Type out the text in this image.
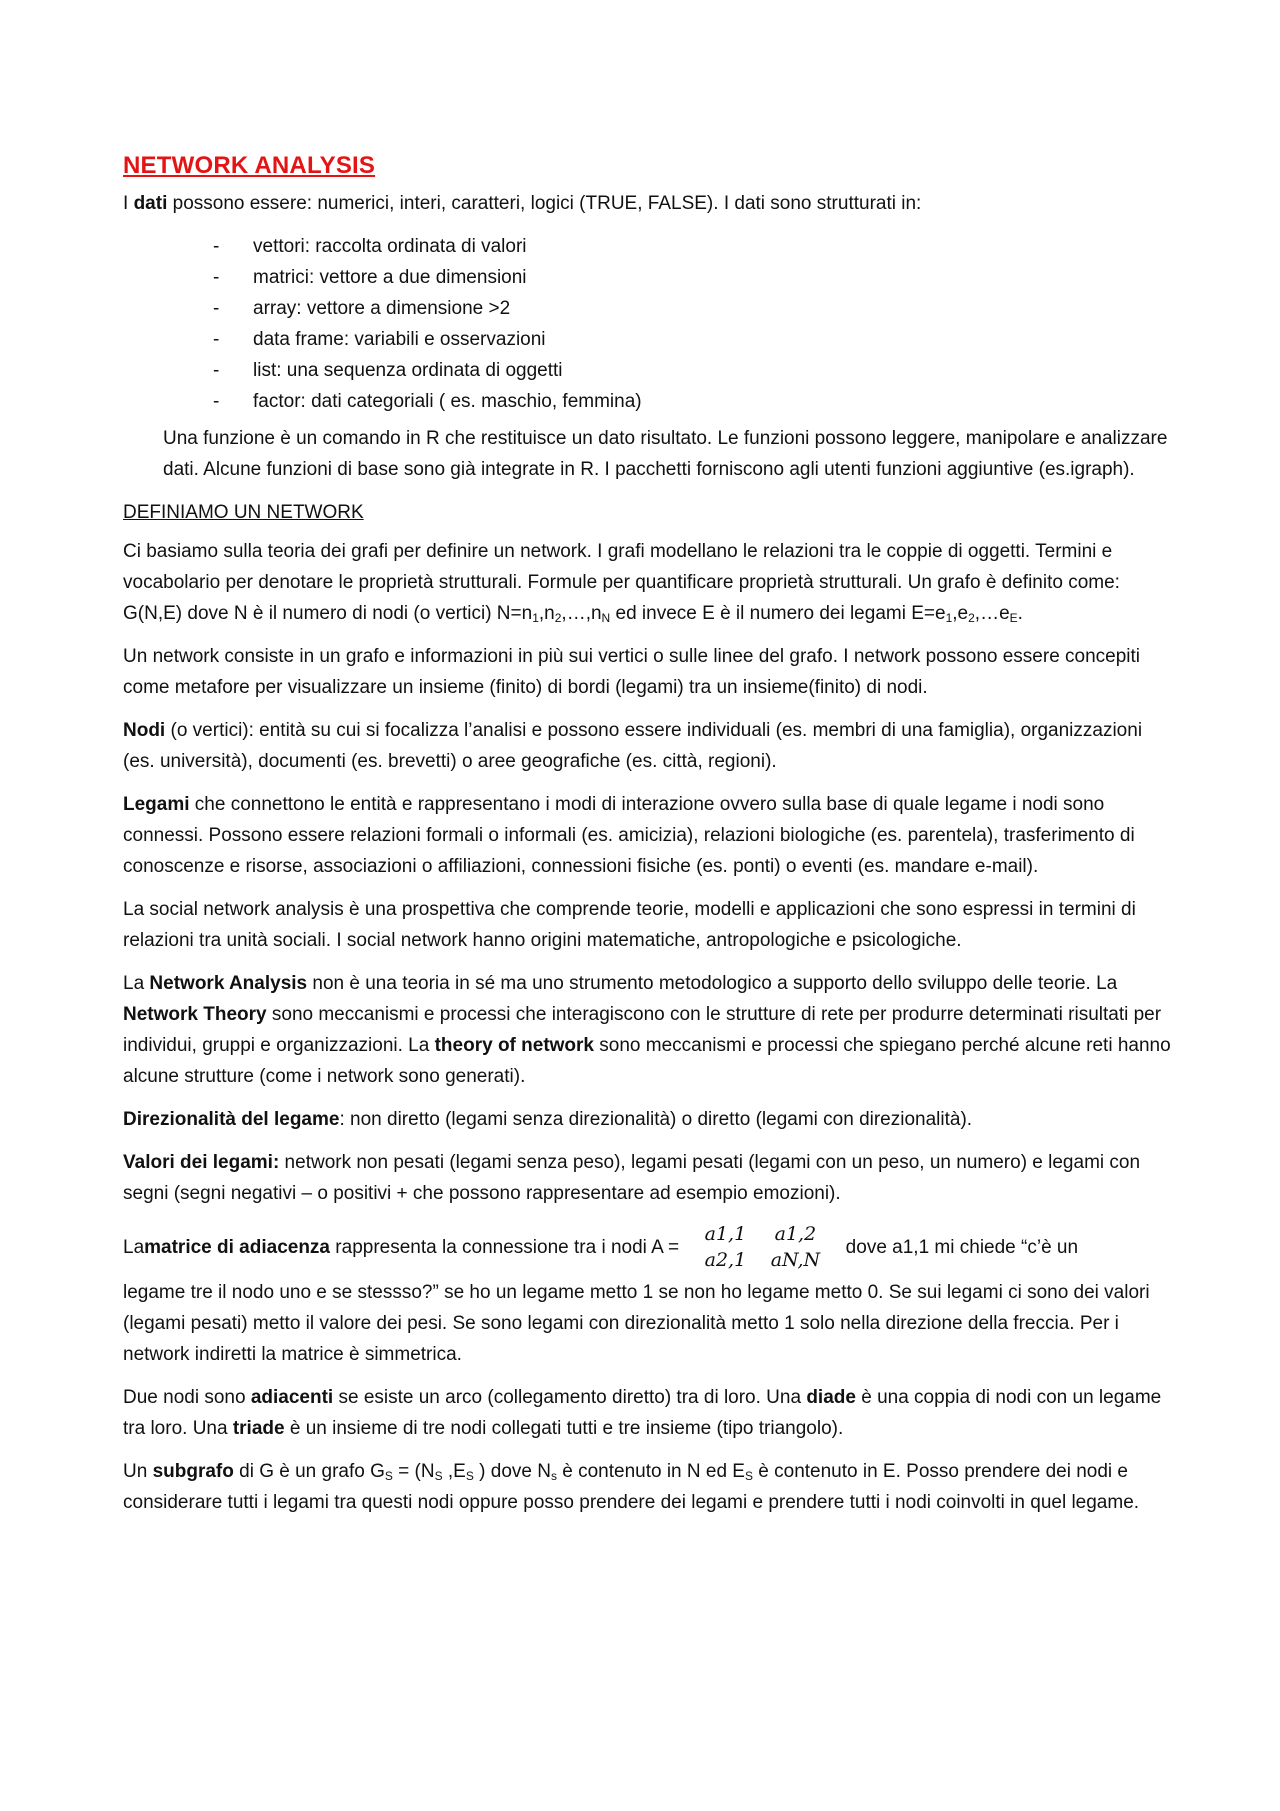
NETWORK ANALYSIS

I dati possono essere: numerici, interi, caratteri, logici (TRUE, FALSE). I dati sono strutturati in:

- vettori: raccolta ordinata di valori
- matrici: vettore a due dimensioni
- array: vettore a dimensione >2
- data frame: variabili e osservazioni
- list: una sequenza ordinata di oggetti
- factor: dati categoriali ( es. maschio, femmina)

Una funzione è un comando in R che restituisce un dato risultato. Le funzioni possono leggere, manipolare e analizzare dati. Alcune funzioni di base sono già integrate in R. I pacchetti forniscono agli utenti funzioni aggiuntive (es.igraph).

DEFINIAMO UN NETWORK

Ci basiamo sulla teoria dei grafi per definire un network. I grafi modellano le relazioni tra le coppie di oggetti. Termini e vocabolario per denotare le proprietà strutturali. Formule per quantificare proprietà strutturali. Un grafo è definito come: G(N,E) dove N è il numero di nodi (o vertici) $N=n_1,n_2,\dots,n_N$ ed invece E è il numero dei legami $E=e_1,e_2,\dots e_E$.

Un network consiste in un grafo e informazioni in più sui vertici o sulle linee del grafo. I network possono essere concepiti come metafore per visualizzare un insieme (finito) di bordi (legami) tra un insieme(finito) di nodi.

Nodi (o vertici): entità su cui si focalizza l’analisi e possono essere individuali (es. membri di una famiglia), organizzazioni (es. università), documenti (es. brevetti) o aree geografiche (es. città, regioni).

Legami che connettono le entità e rappresentano i modi di interazione ovvero sulla base di quale legame i nodi sono connessi. Possono essere relazioni formali o informali (es. amicizia), relazioni biologiche (es. parentela), trasferimento di conoscenze e risorse, associazioni o affiliazioni, connessioni fisiche (es. ponti) o eventi (es. mandare e-mail).

La social network analysis è una prospettiva che comprende teorie, modelli e applicazioni che sono espressi in termini di relazioni tra unità sociali. I social network hanno origini matematiche, antropologiche e psicologiche.

La Network Analysis non è una teoria in sé ma uno strumento metodologico a supporto dello sviluppo delle teorie. La Network Theory sono meccanismi e processi che interagiscono con le strutture di rete per produrre determinati risultati per individui, gruppi e organizzazioni. La theory of network sono meccanismi e processi che spiegano perché alcune reti hanno alcune strutture (come i network sono generati).

Direzionalità del legame: non diretto (legami senza direzionalità) o diretto (legami con direzionalità).

Valori dei legami: network non pesati (legami senza peso), legami pesati (legami con un peso, un numero) e legami con segni (segni negativi – o positivi + che possono rappresentare ad esempio emozioni).

La matrice di adiacenza rappresenta la connessione tra i nodi A =
a1,1	a1,2
a2,1	aN,N
dove a1,1 mi chiede “c’è un

legame tre il nodo uno e se stessso?” se ho un legame metto 1 se non ho legame metto 0. Se sui legami ci sono dei valori (legami pesati) metto il valore dei pesi. Se sono legami con direzionalità metto 1 solo nella direzione della freccia. Per i network indiretti la matrice è simmetrica.

Due nodi sono adiacenti se esiste un arco (collegamento diretto) tra di loro. Una diade è una coppia di nodi con un legame tra loro. Una triade è un insieme di tre nodi collegati tutti e tre insieme (tipo triangolo).

Un subgrafo di G è un grafo $G_S = (N_S$ $,E_S$ ) dove $N_s$ è contenuto in N ed $E_S$ è contenuto in E. Posso prendere dei nodi e considerare tutti i legami tra questi nodi oppure posso prendere dei legami e prendere tutti i nodi coinvolti in quel legame.
